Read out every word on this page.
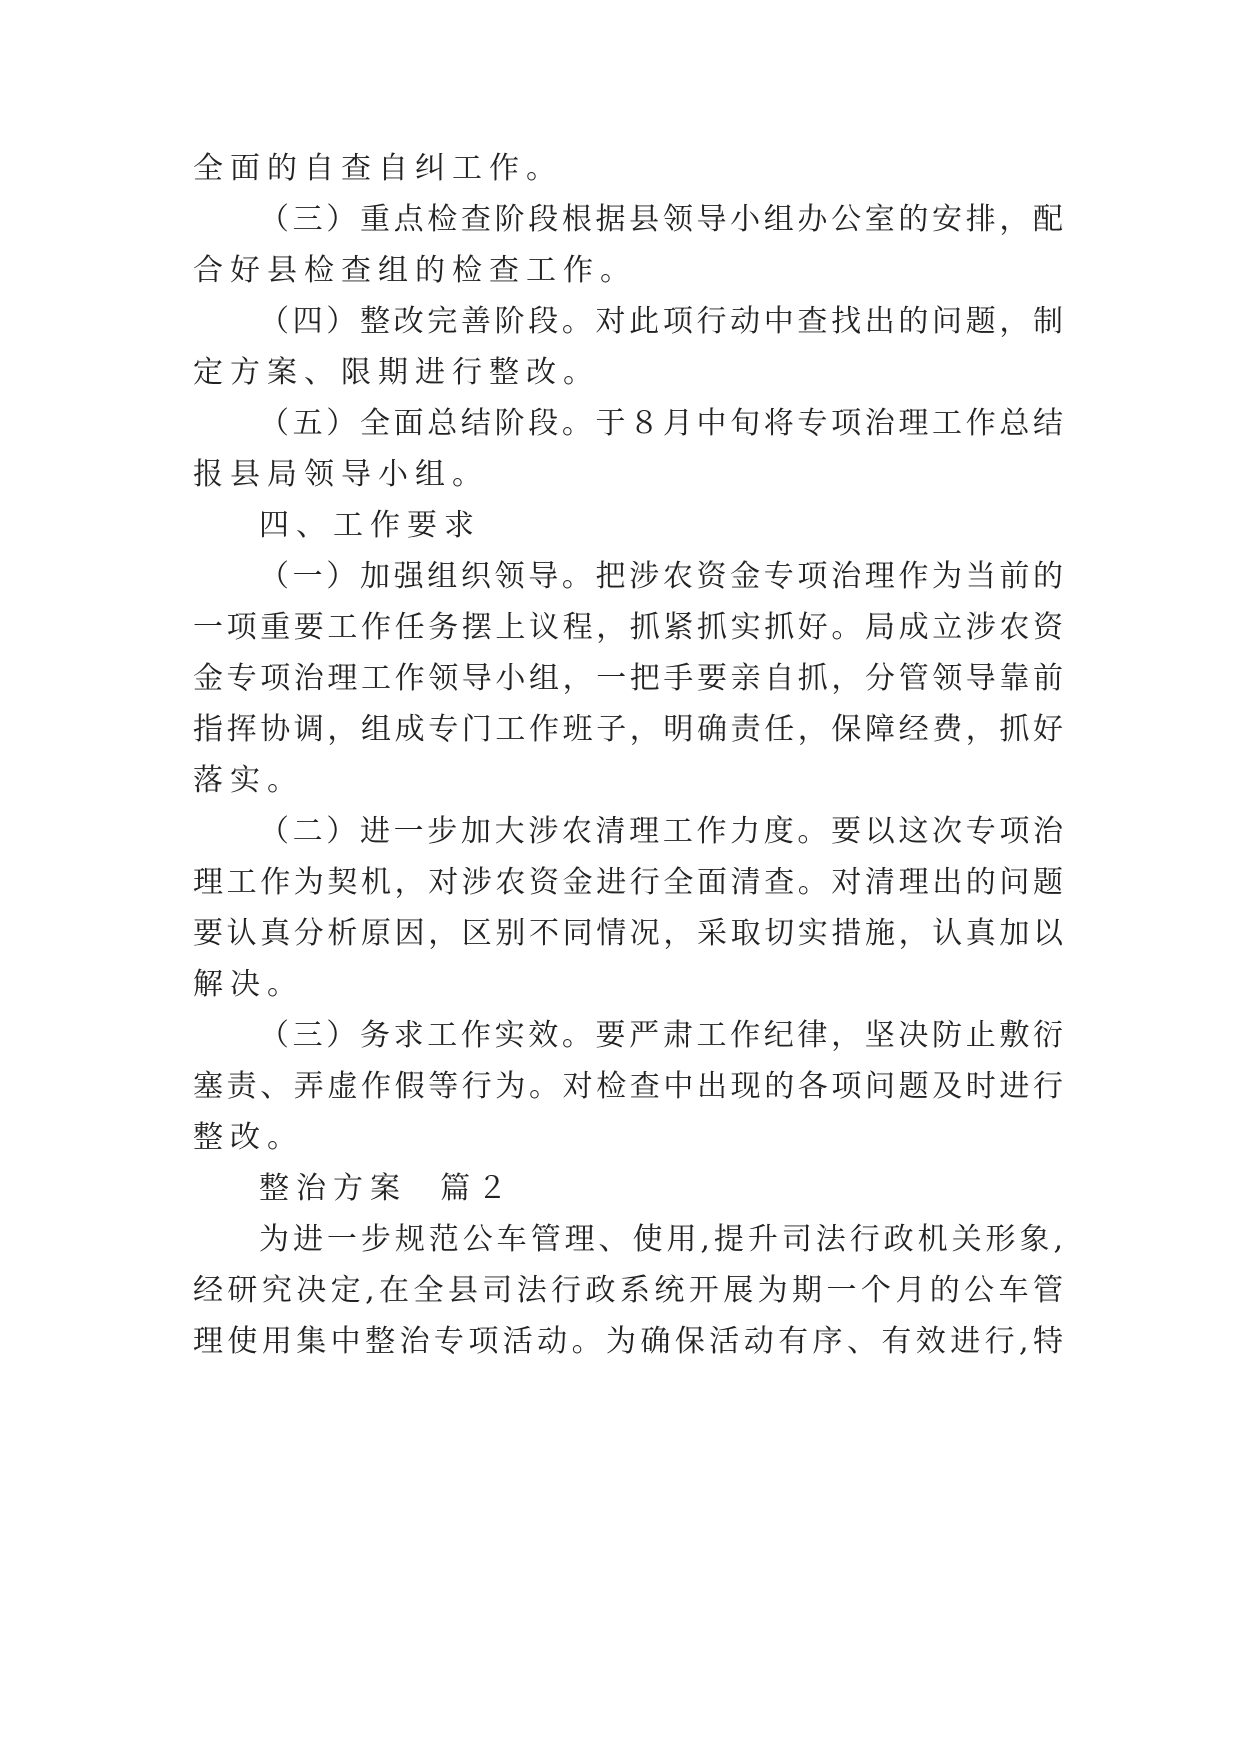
全面的自查自纠工作。
（三）重点检查阶段根据县领导小组办公室的安排，配
合好县检查组的检查工作。
（四）整改完善阶段。对此项行动中查找出的问题，制
定方案、限期进行整改。
（五）全面总结阶段。于８月中旬将专项治理工作总结
报县局领导小组。
四、工作要求
（一）加强组织领导。把涉农资金专项治理作为当前的
一项重要工作任务摆上议程，抓紧抓实抓好。局成立涉农资
金专项治理工作领导小组，一把手要亲自抓，分管领导靠前
指挥协调，组成专门工作班子，明确责任，保障经费，抓好
落实。
（二）进一步加大涉农清理工作力度。要以这次专项治
理工作为契机，对涉农资金进行全面清查。对清理出的问题
要认真分析原因，区别不同情况，采取切实措施，认真加以
解决。
（三）务求工作实效。要严肃工作纪律，坚决防止敷衍
塞责、弄虚作假等行为。对检查中出现的各项问题及时进行
整改。
整治方案  篇２
为进一步规范公车管理、使用,提升司法行政机关形象,
经研究决定,在全县司法行政系统开展为期一个月的公车管
理使用集中整治专项活动。为确保活动有序、有效进行,特
